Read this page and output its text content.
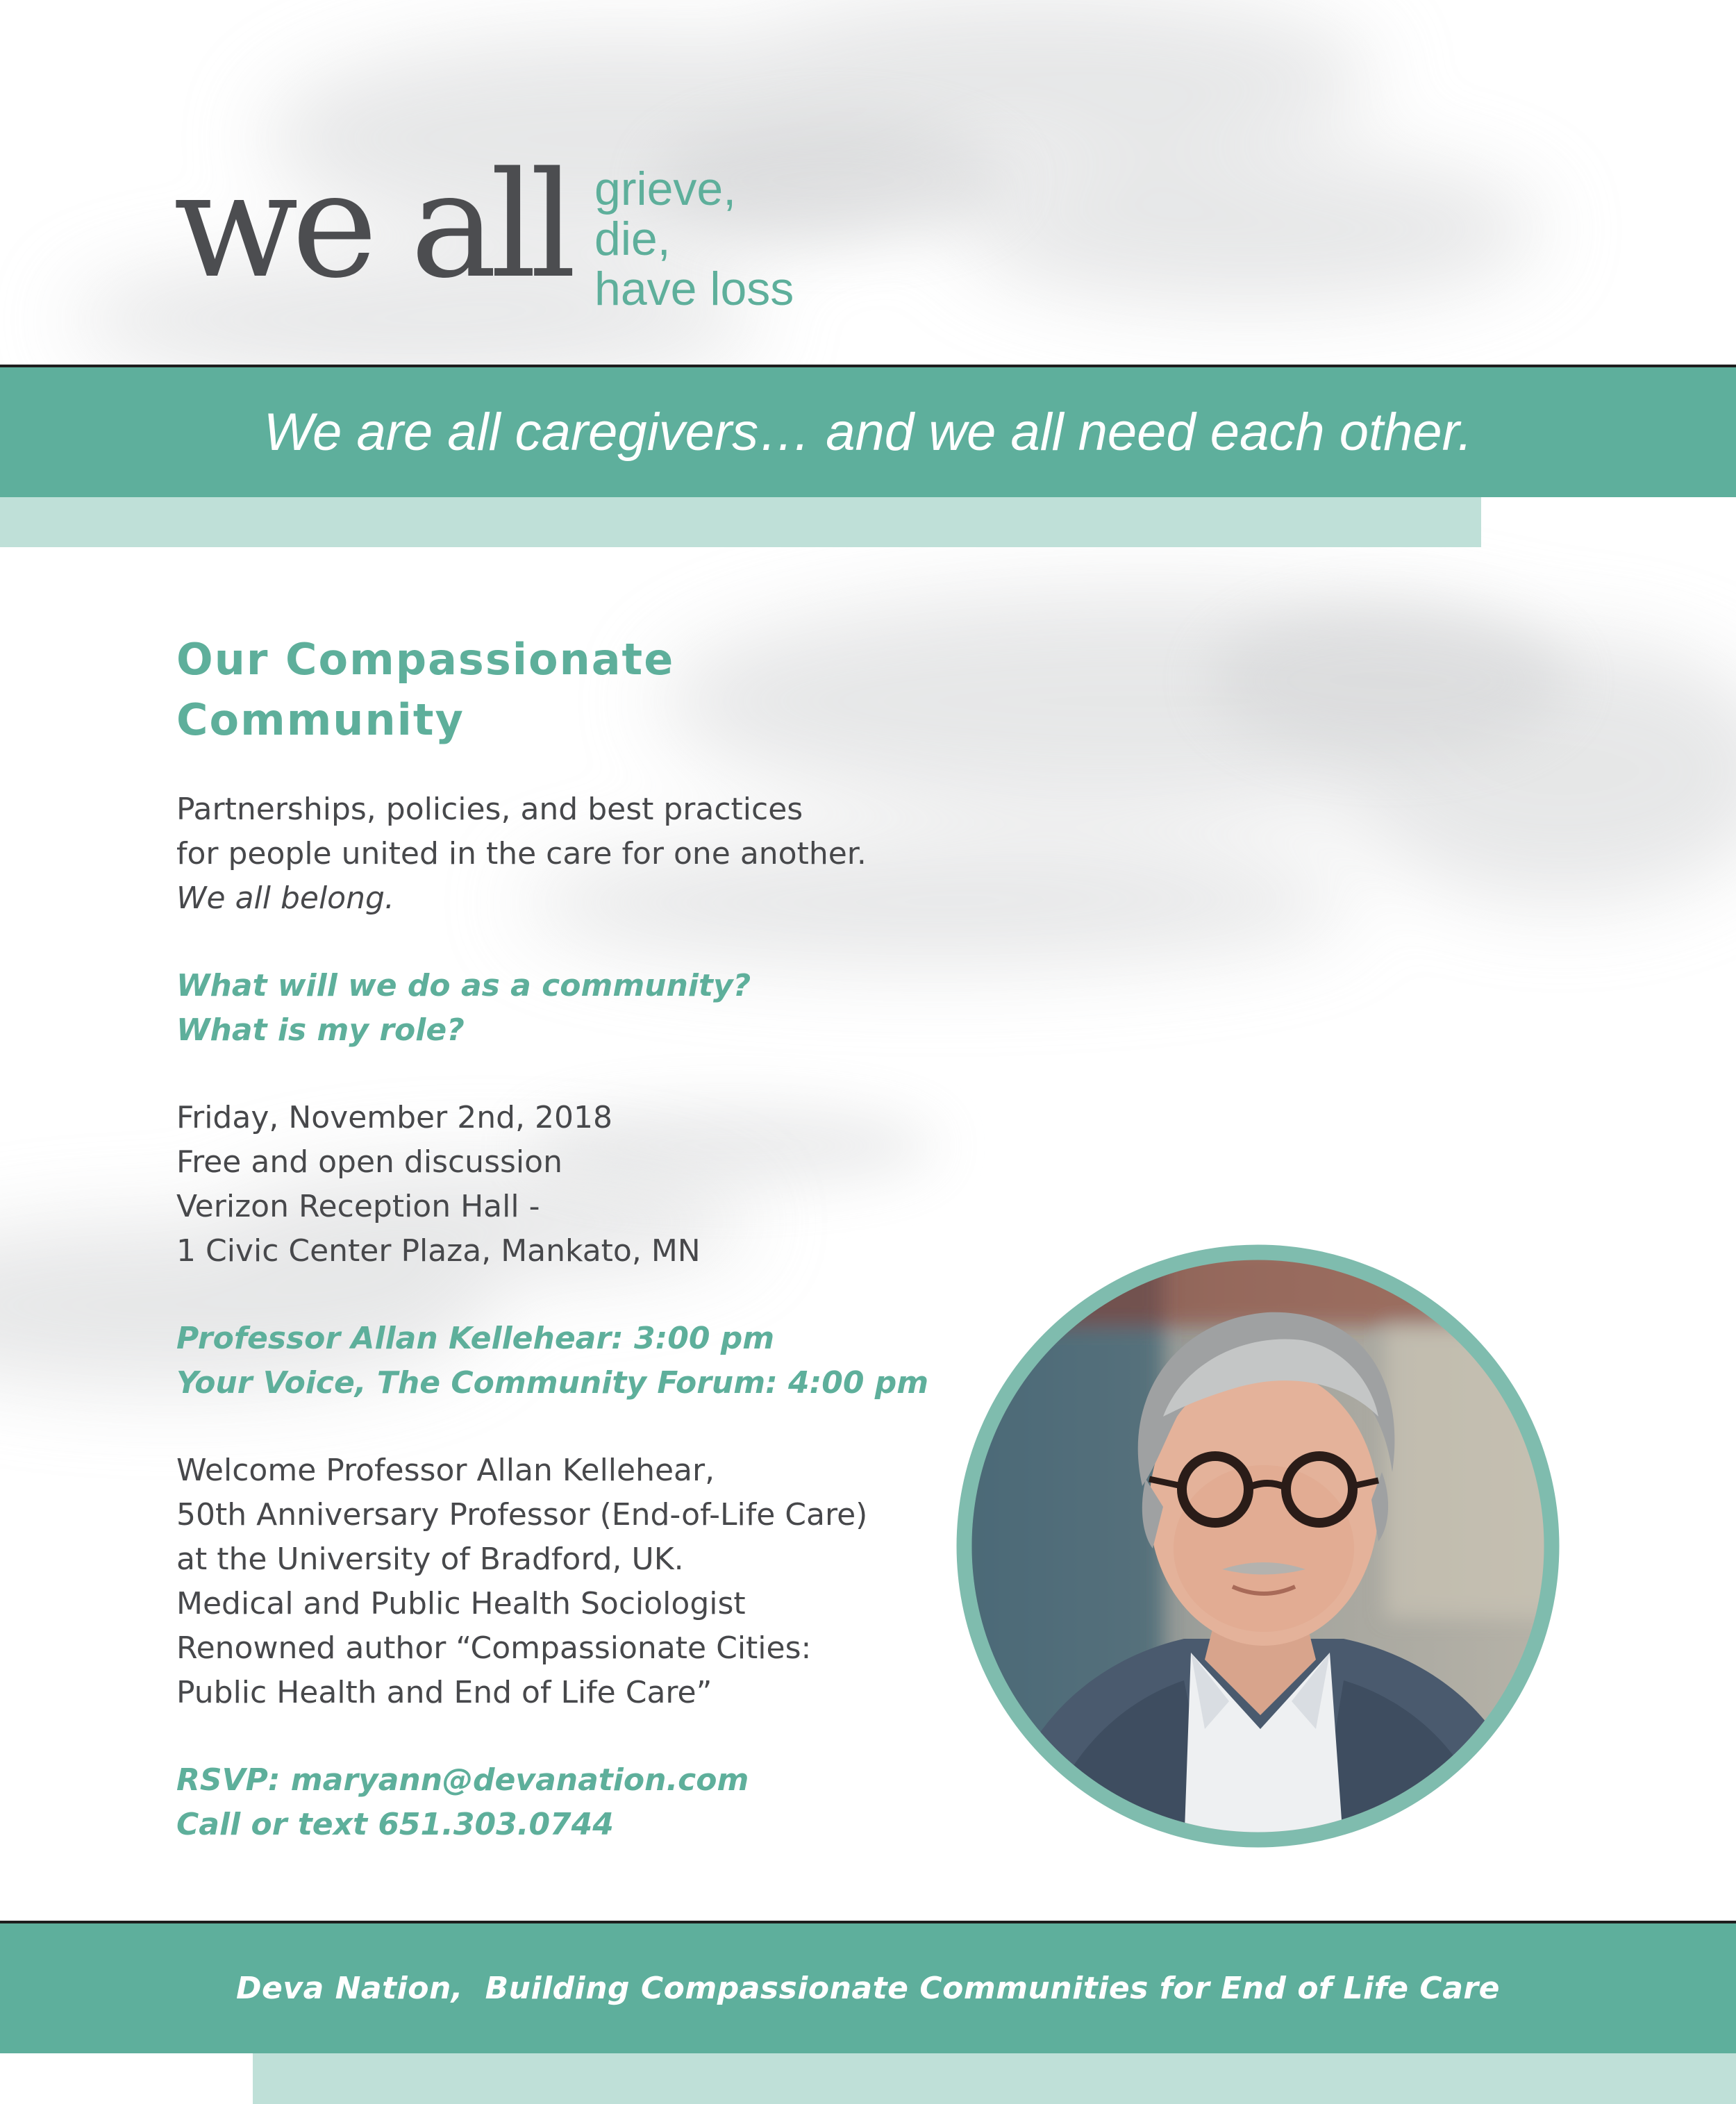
we all grieve,
die,
have loss
We are all caregivers… and we all need each other.
Our Compassionate
Community
Partnerships, policies, and best practices
for people united in the care for one another.
We all belong.
What will we do as a community?
What is my role?
Friday, November 2nd, 2018
Free and open discussion
Verizon Reception Hall -
1 Civic Center Plaza, Mankato, MN
Professor Allan Kellehear: 3:00 pm
Your Voice, The Community Forum: 4:00 pm
Welcome Professor Allan Kellehear,
50th Anniversary Professor (End-of-Life Care)
at the University of Bradford, UK.
Medical and Public Health Sociologist
Renowned author “Compassionate Cities:
Public Health and End of Life Care”
RSVP: maryann@devanation.com
Call or text 651.303.0744
Deva Nation,  Building Compassionate Communities for End of Life Care
